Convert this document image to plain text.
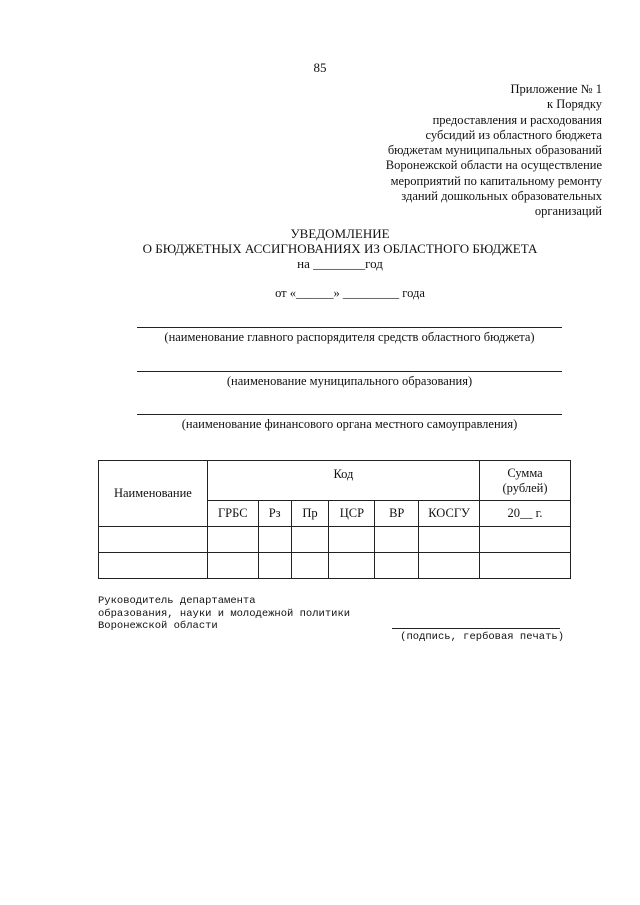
85
Приложение № 1
к Порядку
предоставления и расходования
субсидий из областного бюджета
бюджетам муниципальных образований
Воронежской области на осуществление
мероприятий по капитальному ремонту
зданий дошкольных образовательных
организаций
УВЕДОМЛЕНИЕ
О БЮДЖЕТНЫХ АССИГНОВАНИЯХ ИЗ ОБЛАСТНОГО БЮДЖЕТА
на ________год
от «______» _________ года
(наименование главного распорядителя средств областного бюджета)
(наименование муниципального образования)
(наименование финансового органа местного самоуправления)
Наименование	Код						Сумма (рублей)
	ГРБС	Рз	Пр	ЦСР	ВР	КОСГУ	20__ г.

Руководитель департамента
образования, науки и молодежной политики
Воронежской области
(подпись, гербовая печать)
